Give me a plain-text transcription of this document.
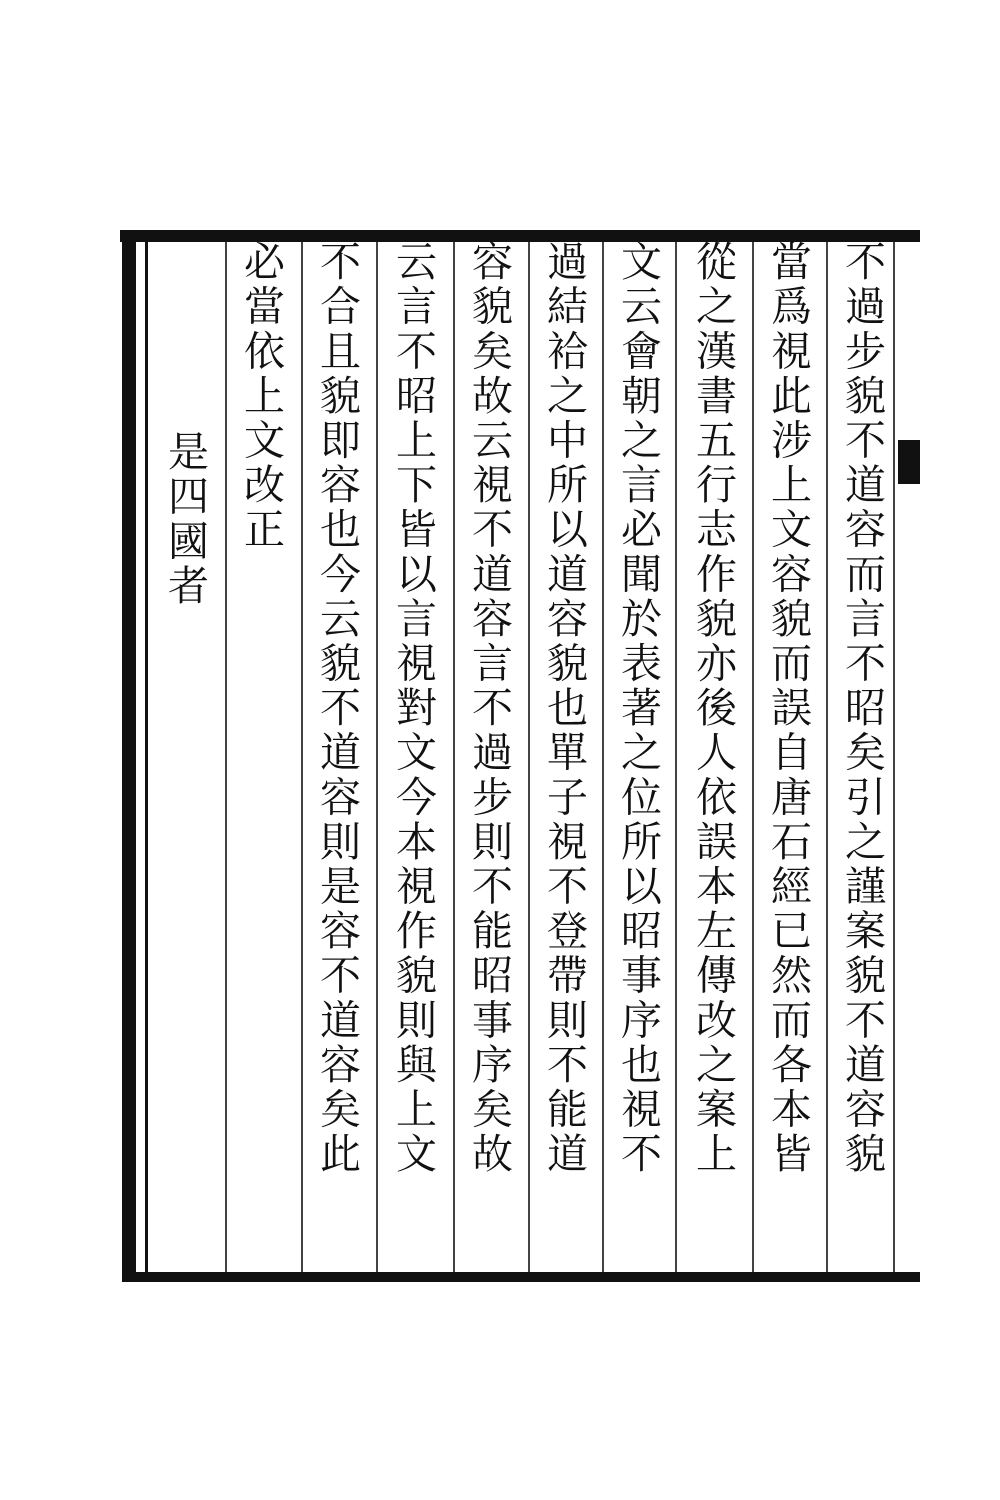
不過步貌不道容而言不昭矣引之謹案貌不道容貌
當爲視此涉上文容貌而誤自唐石經已然而各本皆
從之漢書五行志作貌亦後人依誤本左傳改之案上
文云會朝之言必聞於表著之位所以昭事序也視不
過結袷之中所以道容貌也單子視不登帶則不能道
容貌矣故云視不道容言不過步則不能昭事序矣故
云言不昭上下皆以言視對文今本視作貌則與上文
不合且貌即容也今云貌不道容則是容不道容矣此
必當依上文改正
是四國者
